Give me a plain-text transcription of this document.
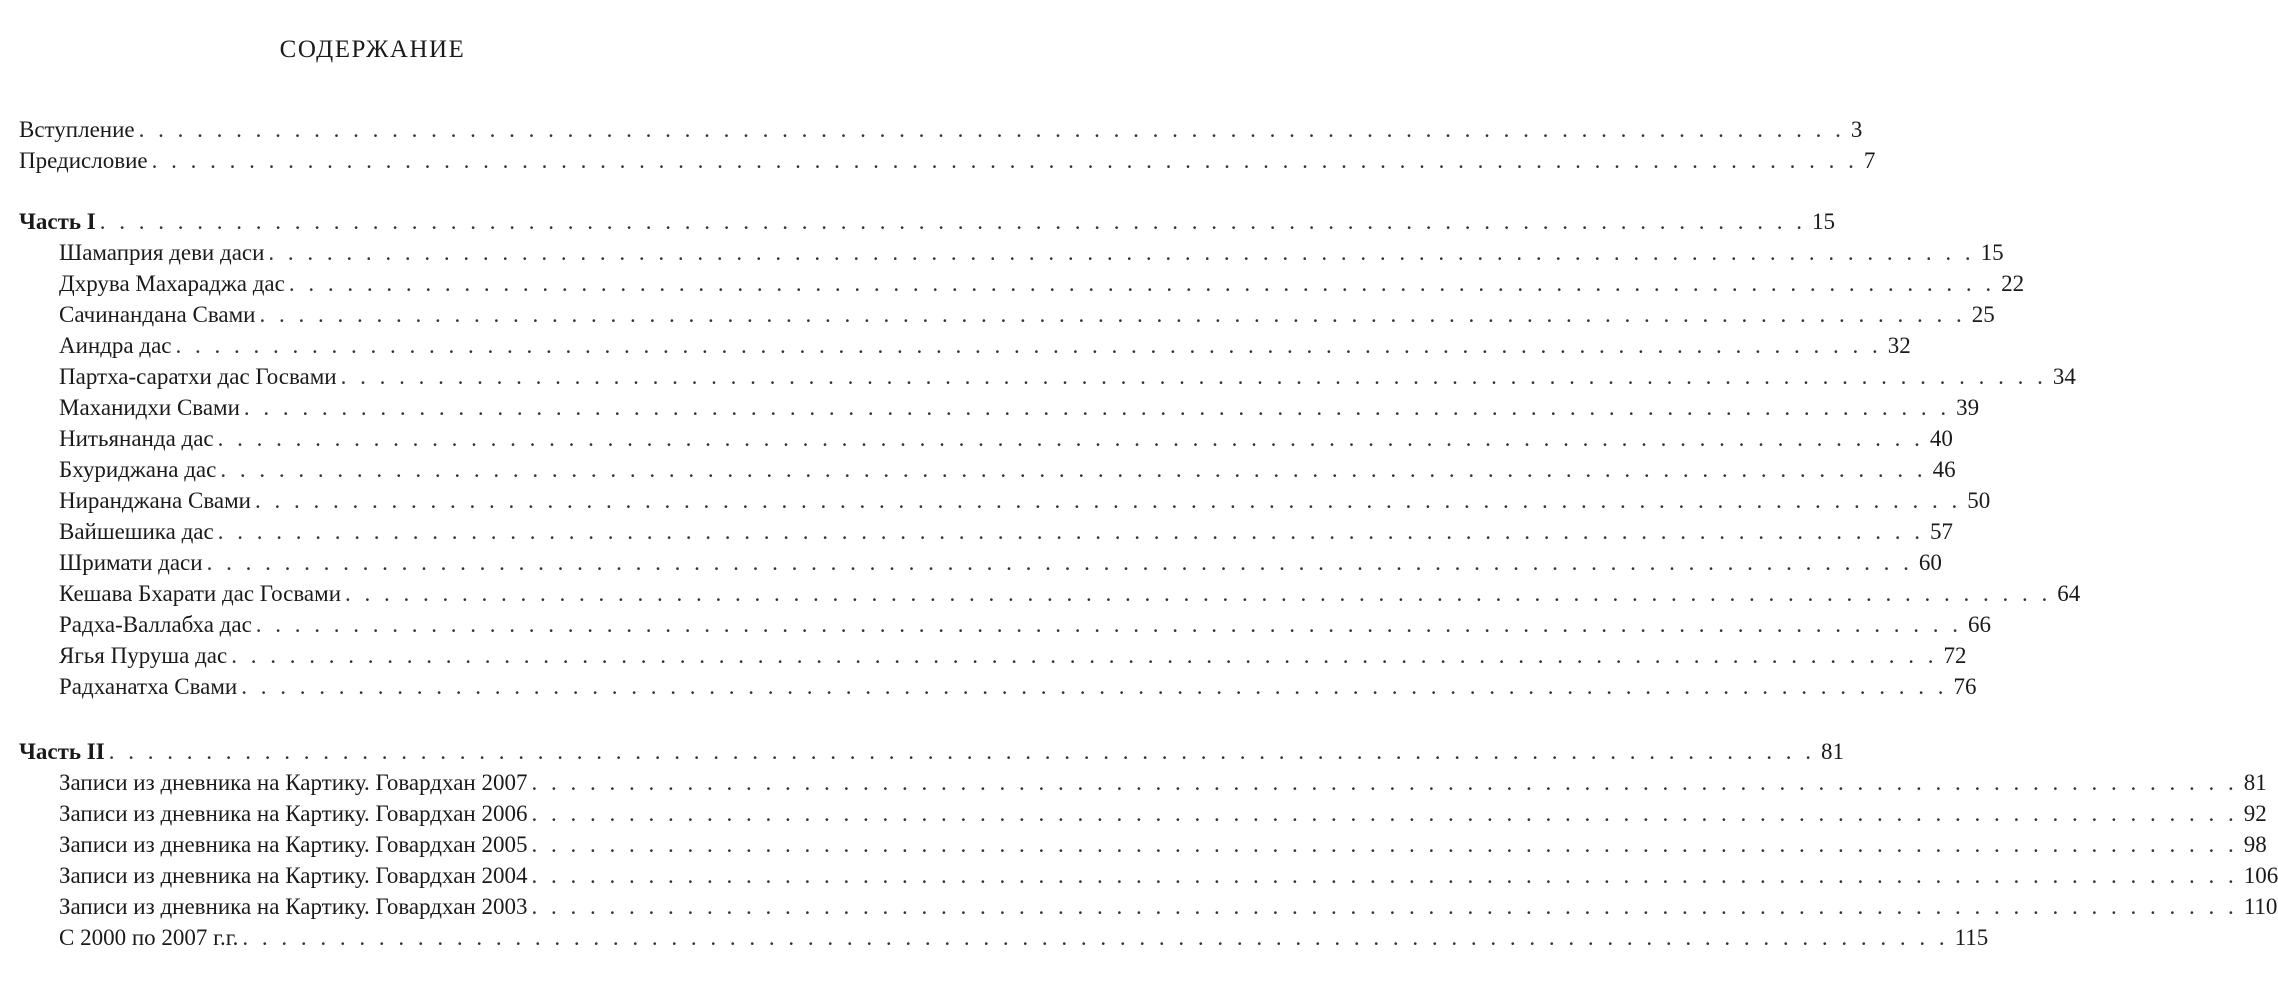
СОДЕРЖАНИЕ
Вступление . . . . . . . . . . . . . . . . . . . . . . . . . . . . . . . . . . . . . . . . . . . . . . . . . . . . . . . . . . . . . . . . . . . . . . . . . . . . . . . . . . . . . . . . 3
Предисловие . . . . . . . . . . . . . . . . . . . . . . . . . . . . . . . . . . . . . . . . . . . . . . . . . . . . . . . . . . . . . . . . . . . . . . . . . . . . . . . . . . . . . . . . 7
Часть I . . . . . . . . . . . . . . . . . . . . . . . . . . . . . . . . . . . . . . . . . . . . . . . . . . . . . . . . . . . . . . . . . . . . . . . . . . . . . . . . . . . . . . . . 15
Шамаприя деви даси . . . . . . . . . . . . . . . . . . . . . . . . . . . . . . . . . . . . . . . . . . . . . . . . . . . . . . . . . . . . . . . . . . . . . . . . . . . . . . . . . . . . . . . . 15
Дхрува Махараджа дас . . . . . . . . . . . . . . . . . . . . . . . . . . . . . . . . . . . . . . . . . . . . . . . . . . . . . . . . . . . . . . . . . . . . . . . . . . . . . . . . . . . . . . . . 22
Сачинандана Свами . . . . . . . . . . . . . . . . . . . . . . . . . . . . . . . . . . . . . . . . . . . . . . . . . . . . . . . . . . . . . . . . . . . . . . . . . . . . . . . . . . . . . . . . 25
Аиндра дас . . . . . . . . . . . . . . . . . . . . . . . . . . . . . . . . . . . . . . . . . . . . . . . . . . . . . . . . . . . . . . . . . . . . . . . . . . . . . . . . . . . . . . . . 32
Партха-саратхи дас Госвами . . . . . . . . . . . . . . . . . . . . . . . . . . . . . . . . . . . . . . . . . . . . . . . . . . . . . . . . . . . . . . . . . . . . . . . . . . . . . . . . . . . . . . . . 34
Маханидхи Свами . . . . . . . . . . . . . . . . . . . . . . . . . . . . . . . . . . . . . . . . . . . . . . . . . . . . . . . . . . . . . . . . . . . . . . . . . . . . . . . . . . . . . . . . 39
Нитьянанда дас . . . . . . . . . . . . . . . . . . . . . . . . . . . . . . . . . . . . . . . . . . . . . . . . . . . . . . . . . . . . . . . . . . . . . . . . . . . . . . . . . . . . . . . . 40
Бхуриджана дас . . . . . . . . . . . . . . . . . . . . . . . . . . . . . . . . . . . . . . . . . . . . . . . . . . . . . . . . . . . . . . . . . . . . . . . . . . . . . . . . . . . . . . . . 46
Ниранджана Свами . . . . . . . . . . . . . . . . . . . . . . . . . . . . . . . . . . . . . . . . . . . . . . . . . . . . . . . . . . . . . . . . . . . . . . . . . . . . . . . . . . . . . . . . 50
Вайшешика дас . . . . . . . . . . . . . . . . . . . . . . . . . . . . . . . . . . . . . . . . . . . . . . . . . . . . . . . . . . . . . . . . . . . . . . . . . . . . . . . . . . . . . . . . 57
Шримати даси . . . . . . . . . . . . . . . . . . . . . . . . . . . . . . . . . . . . . . . . . . . . . . . . . . . . . . . . . . . . . . . . . . . . . . . . . . . . . . . . . . . . . . . . 60
Кешава Бхарати дас Госвами . . . . . . . . . . . . . . . . . . . . . . . . . . . . . . . . . . . . . . . . . . . . . . . . . . . . . . . . . . . . . . . . . . . . . . . . . . . . . . . . . . . . . . . . 64
Радха-Валлабха дас . . . . . . . . . . . . . . . . . . . . . . . . . . . . . . . . . . . . . . . . . . . . . . . . . . . . . . . . . . . . . . . . . . . . . . . . . . . . . . . . . . . . . . . . 66
Ягья Пуруша дас . . . . . . . . . . . . . . . . . . . . . . . . . . . . . . . . . . . . . . . . . . . . . . . . . . . . . . . . . . . . . . . . . . . . . . . . . . . . . . . . . . . . . . . . 72
Радханатха Свами . . . . . . . . . . . . . . . . . . . . . . . . . . . . . . . . . . . . . . . . . . . . . . . . . . . . . . . . . . . . . . . . . . . . . . . . . . . . . . . . . . . . . . . . 76
Часть II . . . . . . . . . . . . . . . . . . . . . . . . . . . . . . . . . . . . . . . . . . . . . . . . . . . . . . . . . . . . . . . . . . . . . . . . . . . . . . . . . . . . . . . . 81
Записи из дневника на Картику. Говардхан 2007 . . . . . . . . . . . . . . . . . . . . . . . . . . . . . . . . . . . . . . . . . . . . . . . . . . . . . . . . . . . . . . . . . . . . . . . . . . . . . . . . . . . . . . . . 81
Записи из дневника на Картику. Говардхан 2006 . . . . . . . . . . . . . . . . . . . . . . . . . . . . . . . . . . . . . . . . . . . . . . . . . . . . . . . . . . . . . . . . . . . . . . . . . . . . . . . . . . . . . . . . 92
Записи из дневника на Картику. Говардхан 2005 . . . . . . . . . . . . . . . . . . . . . . . . . . . . . . . . . . . . . . . . . . . . . . . . . . . . . . . . . . . . . . . . . . . . . . . . . . . . . . . . . . . . . . . . 98
Записи из дневника на Картику. Говардхан 2004 . . . . . . . . . . . . . . . . . . . . . . . . . . . . . . . . . . . . . . . . . . . . . . . . . . . . . . . . . . . . . . . . . . . . . . . . . . . . . . . . . . . . . . . . 106
Записи из дневника на Картику. Говардхан 2003 . . . . . . . . . . . . . . . . . . . . . . . . . . . . . . . . . . . . . . . . . . . . . . . . . . . . . . . . . . . . . . . . . . . . . . . . . . . . . . . . . . . . . . . . 110
С 2000 по 2007 г.г. . . . . . . . . . . . . . . . . . . . . . . . . . . . . . . . . . . . . . . . . . . . . . . . . . . . . . . . . . . . . . . . . . . . . . . . . . . . . . . . . . . . . . . . . 115
